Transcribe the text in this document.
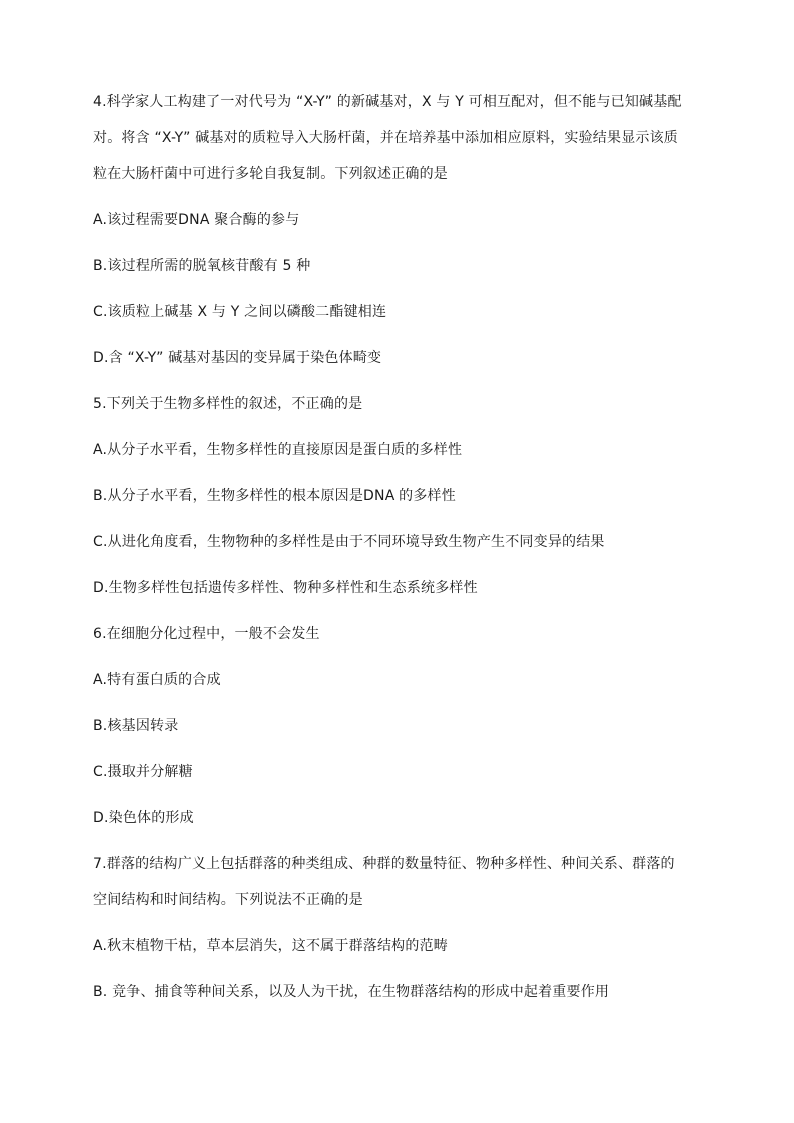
4.科学家人工构建了一对代号为 “X-Y” 的新碱基对，X 与 Y 可相互配对，但不能与已知碱基配
对。将含 “X-Y” 碱基对的质粒导入大肠杆菌，并在培养基中添加相应原料，实验结果显示该质
粒在大肠杆菌中可进行多轮自我复制。下列叙述正确的是
A.该过程需要DNA 聚合酶的参与
B.该过程所需的脱氧核苷酸有 5 种
C.该质粒上碱基 X 与 Y 之间以磷酸二酯键相连
D.含 “X-Y” 碱基对基因的变异属于染色体畸变
5.下列关于生物多样性的叙述，不正确的是
A.从分子水平看，生物多样性的直接原因是蛋白质的多样性
B.从分子水平看，生物多样性的根本原因是DNA 的多样性
C.从进化角度看，生物物种的多样性是由于不同环境导致生物产生不同变异的结果
D.生物多样性包括遗传多样性、物种多样性和生态系统多样性
6.在细胞分化过程中，一般不会发生
A.特有蛋白质的合成
B.核基因转录
C.摄取并分解糖
D.染色体的形成
7.群落的结构广义上包括群落的种类组成、种群的数量特征、物种多样性、种间关系、群落的
空间结构和时间结构。下列说法不正确的是
A.秋末植物干枯，草本层消失，这不属于群落结构的范畴
B. 竞争、捕食等种间关系，以及人为干扰，在生物群落结构的形成中起着重要作用
